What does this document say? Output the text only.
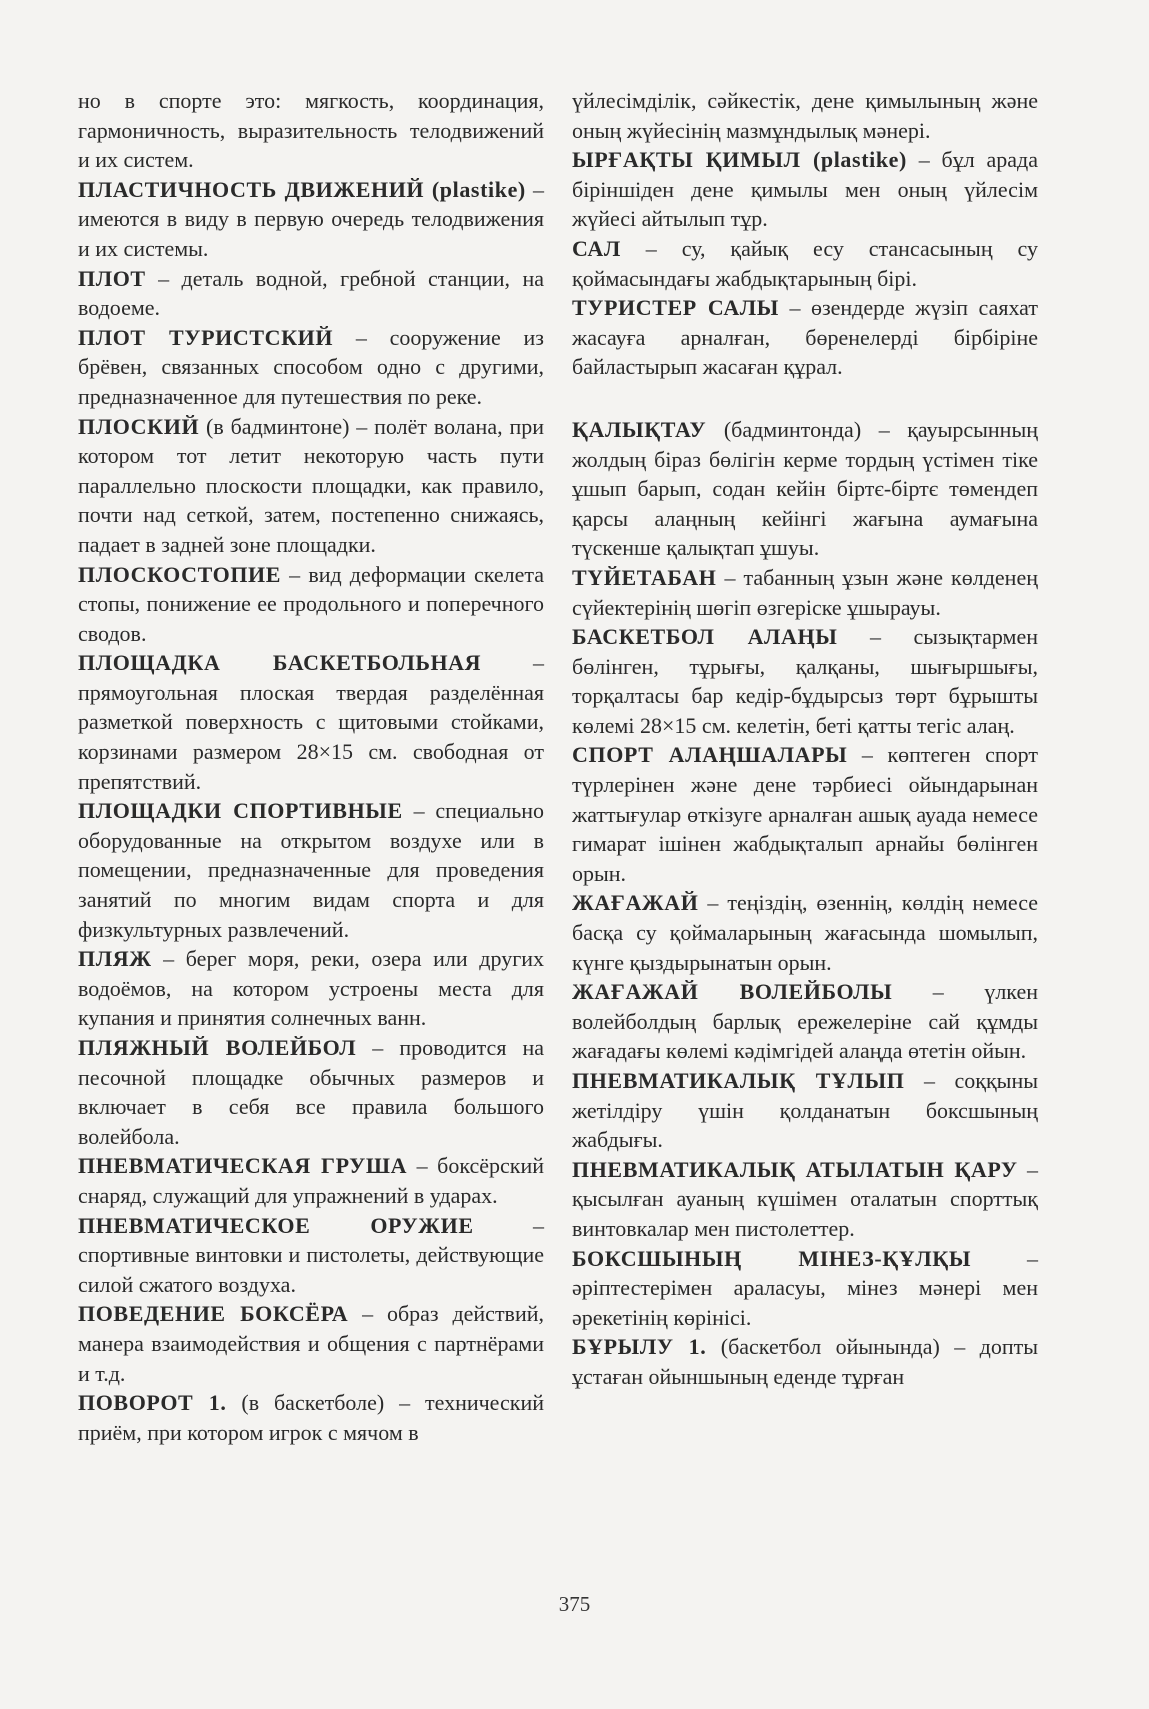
но в спорте это: мягкость, координация, гармоничность, выразительность телодвижений и их систем.

ПЛАСТИЧНОСТЬ ДВИЖЕНИЙ (plastike) – имеются в виду в первую очередь телодвижения и их системы.

ПЛОТ – деталь водной, гребной станции, на водоеме.

ПЛОТ ТУРИСТСКИЙ – сооружение из брёвен, связанных способом одно с другими, предназначенное для путешествия по реке.

ПЛОСКИЙ (в бадминтоне) – полёт волана, при котором тот летит некоторую часть пути параллельно плоскости площадки, как правило, почти над сеткой, затем, постепенно снижаясь, падает в задней зоне площадки.

ПЛОСКОСТОПИЕ – вид деформации скелета стопы, понижение ее продольного и поперечного сводов.

ПЛОЩАДКА БАСКЕТБОЛЬНАЯ – прямоугольная плоская твердая разделённая разметкой поверхность с щитовыми стойками, корзинами размером 28×15 см. свободная от препятствий.

ПЛОЩАДКИ СПОРТИВНЫЕ – специально оборудованные на открытом воздухе или в помещении, предназначенные для проведения занятий по многим видам спорта и для физкультурных развлечений.

ПЛЯЖ – берег моря, реки, озера или других водоёмов, на котором устроены места для купания и принятия солнечных ванн.

ПЛЯЖНЫЙ ВОЛЕЙБОЛ – проводится на песочной площадке обычных размеров и включает в себя все правила большого волейбола.

ПНЕВМАТИЧЕСКАЯ ГРУША – боксёрский снаряд, служащий для упражнений в ударах.

ПНЕВМАТИЧЕСКОЕ ОРУЖИЕ – спортивные винтовки и пистолеты, действующие силой сжатого воздуха.

ПОВЕДЕНИЕ БОКСЁРА – образ действий, манера взаимодействия и общения с партнёрами и т.д.

ПОВОРОТ 1. (в баскетболе) – технический приём, при котором игрок с мячом в

үйлесімділік, сәйкестік, дене қимылының және оның жүйесінің мазмұндылық мәнері.

ЫРҒАҚТЫ ҚИМЫЛ (plastike) – бұл арада біріншіден дене қимылы мен оның үйлесім жүйесі айтылып тұр.

САЛ – су, қайық есу стансасының су қоймасындағы жабдықтарының бірі.

ТУРИСТЕР САЛЫ – өзендерде жүзіп саяхат жасауға арналған, бөренелерді бірбіріне байластырып жасаған құрал.

ҚАЛЫҚТАУ (бадминтонда) – қауырсынның жолдың біраз бөлігін керме тордың үстімен тіке ұшып барып, содан кейін біртє-біртє төмендеп қарсы алаңның кейінгі жағына аумағына түскенше қалықтап ұшуы.

ТҮЙЕТАБАН – табанның ұзын және көлденең сүйектерінің шөгіп өзгеріске ұшырауы.

БАСКЕТБОЛ АЛАҢЫ – сызықтармен бөлінген, тұрығы, қалқаны, шығыршығы, торқалтасы бар кедір-бұдырсыз төрт бұрышты көлемі 28×15 см. келетін, беті қатты тегіс алаң.

СПОРТ АЛАҢШАЛАРЫ – көптеген спорт түрлерінен және дене тәрбиесі ойындарынан жаттығулар өткізуге арналған ашық ауада немесе гимарат ішінен жабдықталып арнайы бөлінген орын.

ЖАҒАЖАЙ – теңіздің, өзеннің, көлдің немесе басқа су қоймаларының жағасында шомылып, күнге қыздырынатын орын.

ЖАҒАЖАЙ ВОЛЕЙБОЛЫ – үлкен волейболдың барлық ережелеріне сай құмды жағадағы көлемі кәдімгідей алаңда өтетін ойын.

ПНЕВМАТИКАЛЫҚ ТҰЛЫП – соққыны жетілдіру үшін қолданатын боксшының жабдығы.

ПНЕВМАТИКАЛЫҚ АТЫЛАТЫН ҚАРУ – қысылған ауаның күшімен оталатын спорттық винтовкалар мен пистолеттер.

БОКСШЫНЫҢ МІНЕЗ-ҚҰЛҚЫ – әріптестерімен араласуы, мінез мәнері мен әрекетінің көрінісі.

БҰРЫЛУ 1. (баскетбол ойынында) – допты ұстаған ойыншының еденде тұрған

375
